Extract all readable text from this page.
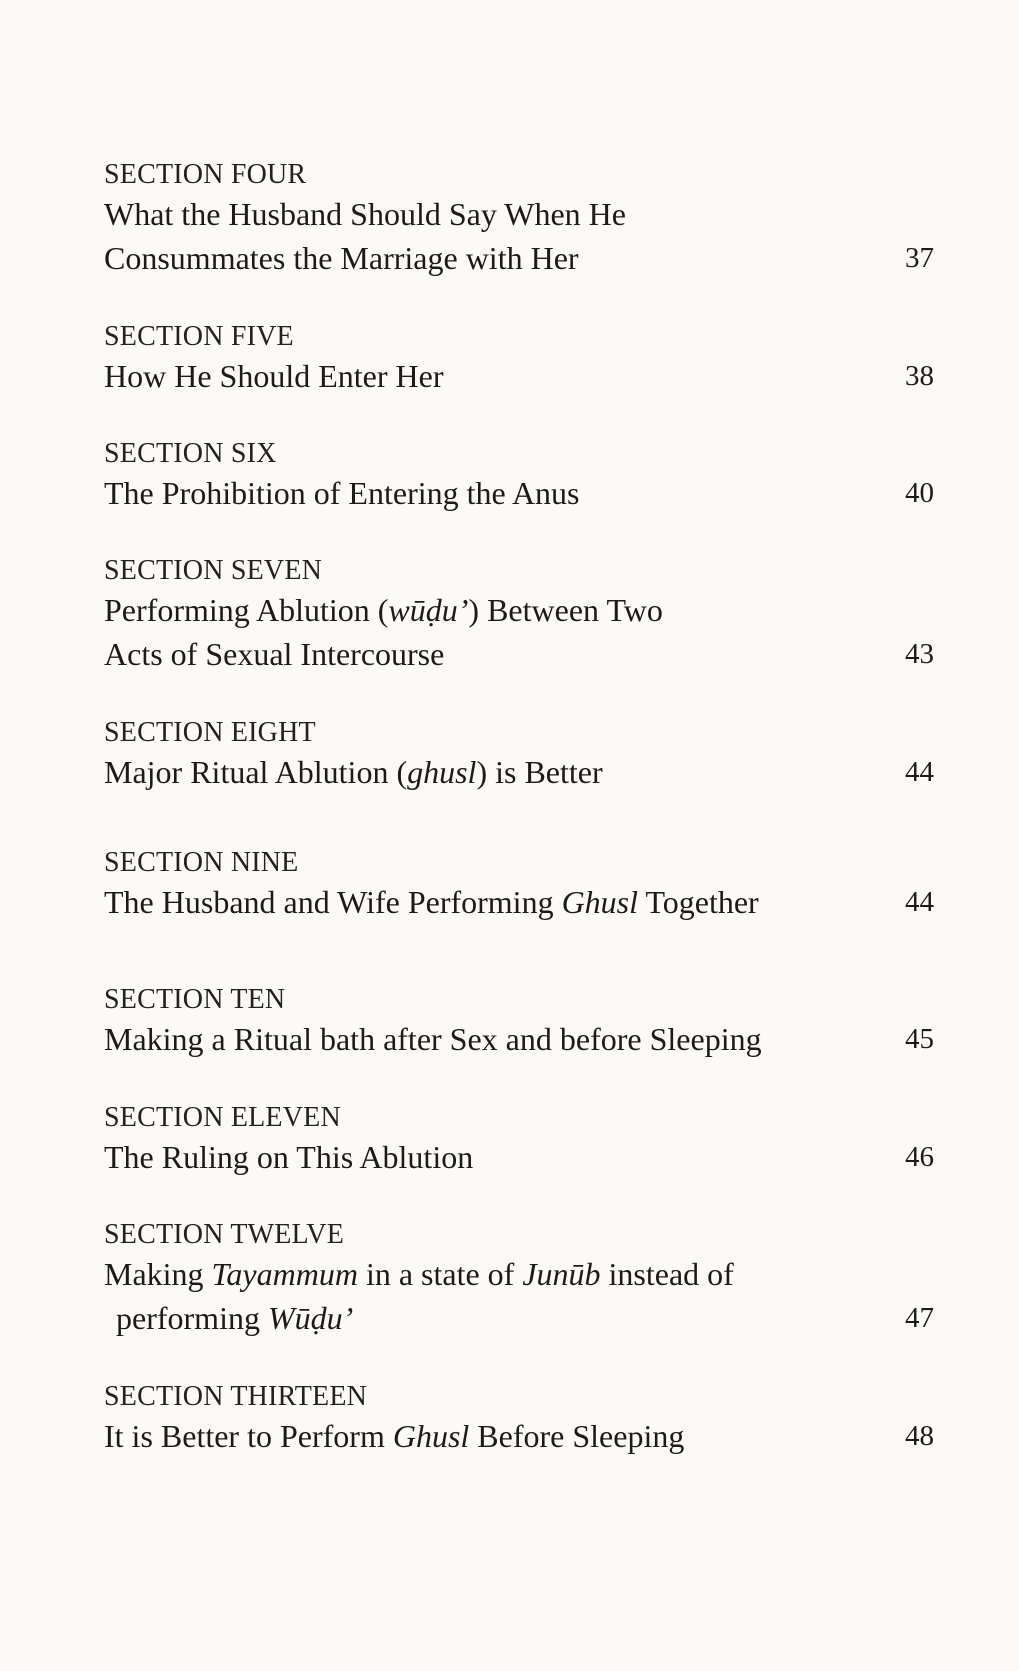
SECTION FOUR
What the Husband Should Say When He
Consummates the Marriage with Her	37
SECTION FIVE
How He Should Enter Her	38
SECTION SIX
The Prohibition of Entering the Anus	40
SECTION SEVEN
Performing Ablution (wūḍu’) Between Two
Acts of Sexual Intercourse	43
SECTION EIGHT
Major Ritual Ablution (ghusl) is Better	44
SECTION NINE
The Husband and Wife Performing Ghusl Together	44
SECTION TEN
Making a Ritual bath after Sex and before Sleeping	45
SECTION ELEVEN
The Ruling on This Ablution	46
SECTION TWELVE
Making Tayammum in a state of Junūb instead of
performing Wūḍu’	47
SECTION THIRTEEN
It is Better to Perform Ghusl Before Sleeping	48
